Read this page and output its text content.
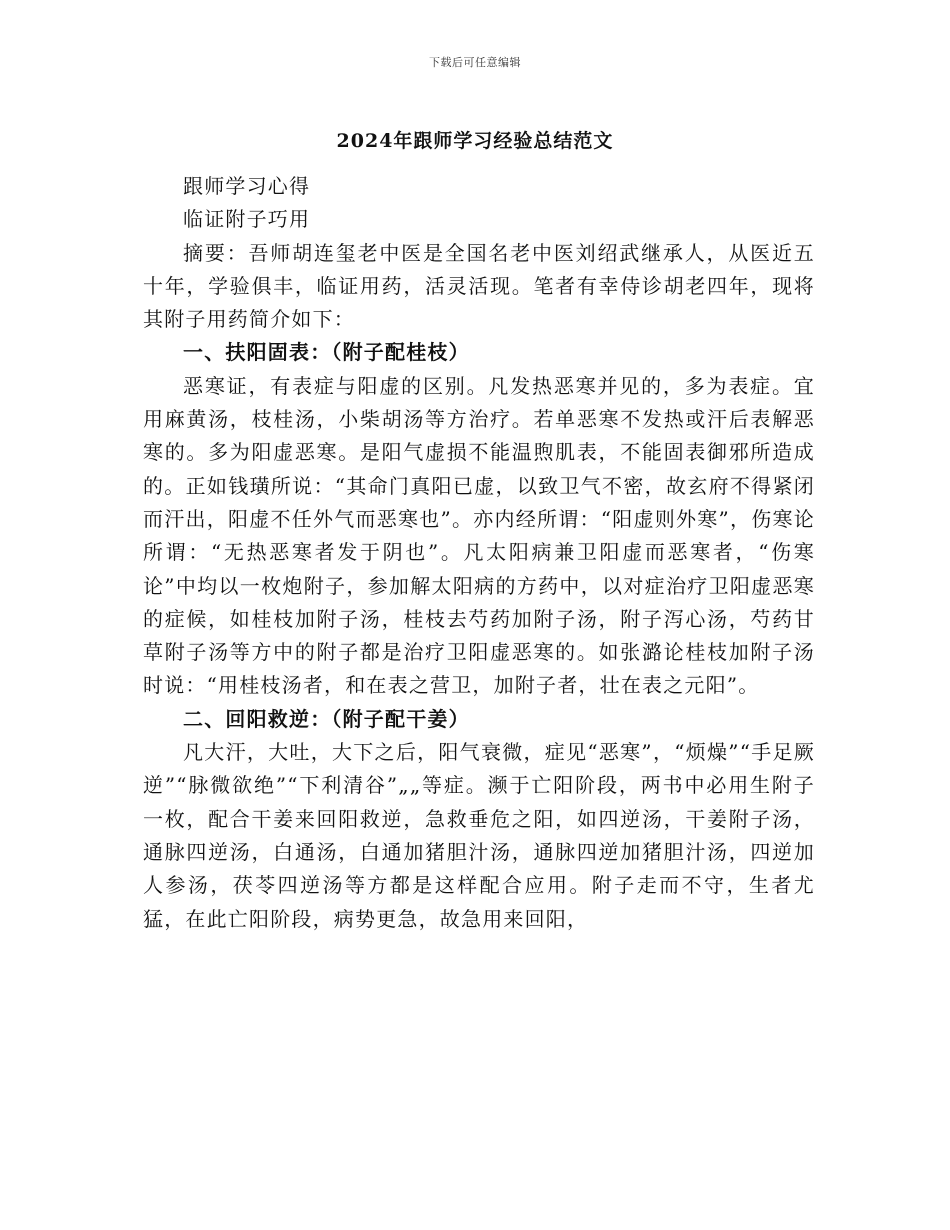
下载后可任意编辑
2024年跟师学习经验总结范文

跟师学习心得

临证附子巧用

摘要：吾师胡连玺老中医是全国名老中医刘绍武继承人，从医近五十年，学验俱丰，临证用药，活灵活现。笔者有幸侍诊胡老四年，现将其附子用药简介如下：

一、扶阳固表：（附子配桂枝）

恶寒证，有表症与阳虚的区别。凡发热恶寒并见的，多为表症。宜用麻黄汤，枝桂汤，小柴胡汤等方治疗。若单恶寒不发热或汗后表解恶寒的。多为阳虚恶寒。是阳气虚损不能温煦肌表，不能固表御邪所造成的。正如钱璜所说：“其命门真阳已虚，以致卫气不密，故玄府不得紧闭而汗出，阳虚不任外气而恶寒也”。亦内经所谓：“阳虚则外寒”，伤寒论所谓：“无热恶寒者发于阴也”。凡太阳病兼卫阳虚而恶寒者，“伤寒论”中均以一枚炮附子，参加解太阳病的方药中，以对症治疗卫阳虚恶寒的症候，如桂枝加附子汤，桂枝去芍药加附子汤，附子泻心汤，芍药甘草附子汤等方中的附子都是治疗卫阳虚恶寒的。如张潞论桂枝加附子汤时说：“用桂枝汤者，和在表之营卫，加附子者，壮在表之元阳”。

二、回阳救逆：（附子配干姜）

凡大汗，大吐，大下之后，阳气衰微，症见“恶寒”，“烦燥”“手足厥逆”“脉微欲绝”“下利清谷”„„等症。濒于亡阳阶段，两书中必用生附子一枚，配合干姜来回阳救逆，急救垂危之阳，如四逆汤，干姜附子汤，通脉四逆汤，白通汤，白通加猪胆汁汤，通脉四逆加猪胆汁汤，四逆加人参汤，茯苓四逆汤等方都是这样配合应用。附子走而不守，生者尤猛，在此亡阳阶段，病势更急，故急用来回阳，
